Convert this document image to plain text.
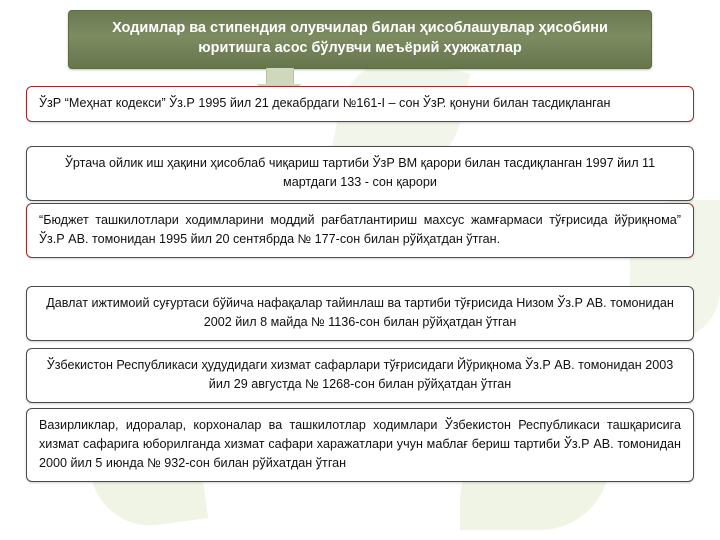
Ходимлар ва стипендия олувчилар билан ҳисоблашувлар ҳисобини
юритишга асос бўлувчи меъёрий хужжатлар
ЎзР “Меҳнат кодекси” Ўз.Р 1995 йил 21 декабрдаги №161-I – сон ЎзР. қонуни билан тасдиқланган
Ўртача ойлик иш ҳақини ҳисоблаб чиқариш тартиби ЎзР ВМ қарори билан тасдиқланган 1997 йил 11 мартдаги 133 - сон қарори
“Бюджет ташкилотлари ходимларини моддий рағбатлантириш махсус жамғармаси тўғрисида йўриқнома” Ўз.Р АВ. томонидан 1995 йил 20 сентябрда № 177-сон билан рўйҳатдан ўтган.
Давлат ижтимоий суғуртаси бўйича нафақалар тайинлаш ва тартиби тўғрисида Низом Ўз.Р АВ. томонидан 2002 йил 8 майда № 1136-сон билан рўйҳатдан ўтган
Ўзбекистон Республикаси ҳудудидаги хизмат сафарлари тўғрисидаги Йўриқнома Ўз.Р АВ. томонидан 2003 йил 29 августда № 1268-сон билан рўйҳатдан ўтган
Вазирликлар, идоралар, корхоналар ва ташкилотлар ходимлари Ўзбекистон Республикаси ташқарисига хизмат сафарига юборилганда хизмат сафари харажатлари учун маблағ бериш тартиби Ўз.Р АВ. томонидан 2000 йил 5 июнда № 932-сон билан рўйхатдан ўтган
